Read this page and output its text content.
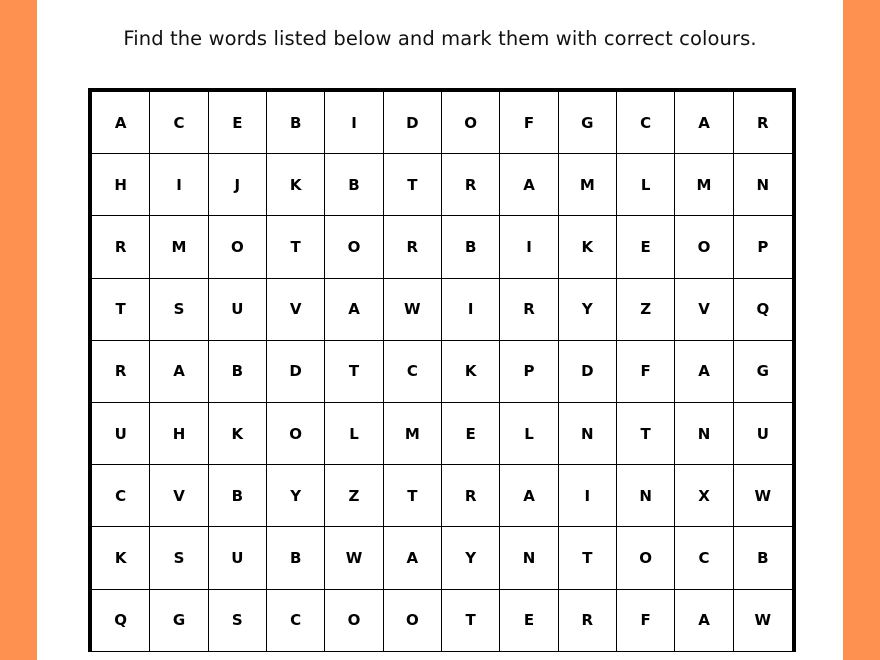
Find the words listed below and mark them with correct colours.
A	C	E	B	I	D	O	F	G	C	A	R
H	I	J	K	B	T	R	A	M	L	M	N
R	M	O	T	O	R	B	I	K	E	O	P
T	S	U	V	A	W	I	R	Y	Z	V	Q
R	A	B	D	T	C	K	P	D	F	A	G
U	H	K	O	L	M	E	L	N	T	N	U
C	V	B	Y	Z	T	R	A	I	N	X	W
K	S	U	B	W	A	Y	N	T	O	C	B
Q	G	S	C	O	O	T	E	R	F	A	W
